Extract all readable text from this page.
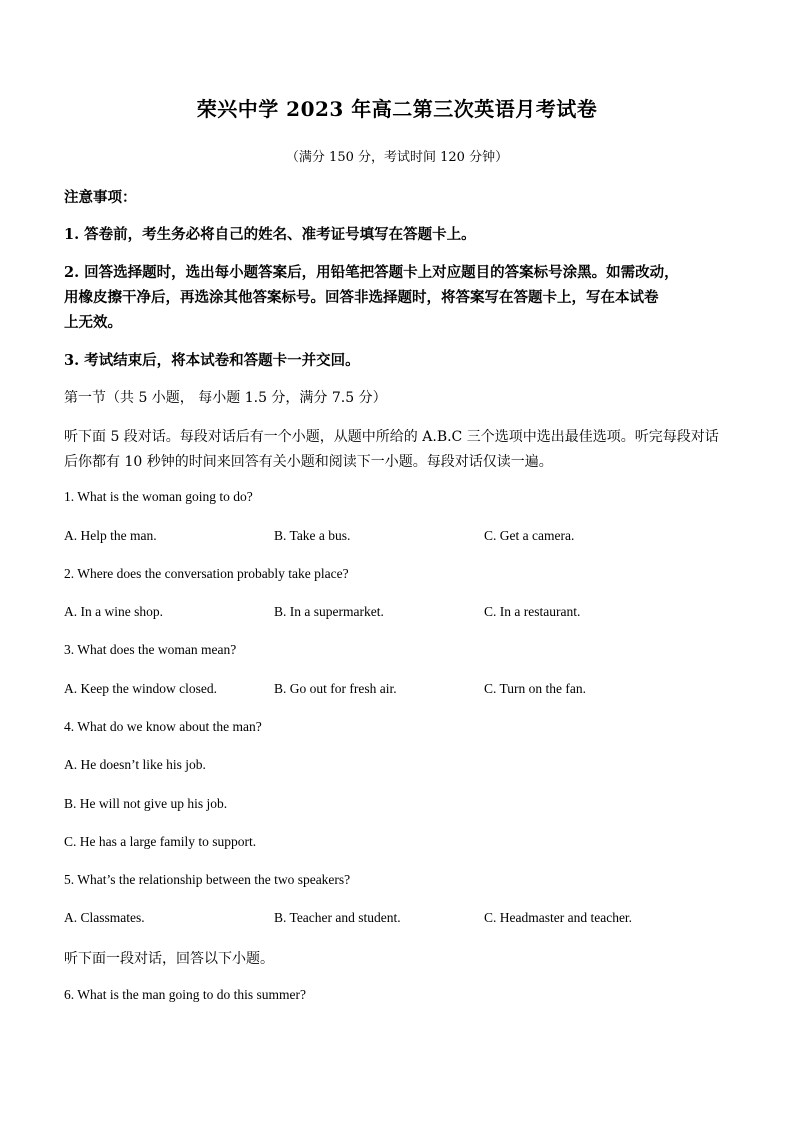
荣兴中学 2023 年高二第三次英语月考试卷
（满分 150 分，考试时间 120 分钟）
注意事项：
1. 答卷前，考生务必将自己的姓名、准考证号填写在答题卡上。
2. 回答选择题时，选出每小题答案后，用铅笔把答题卡上对应题目的答案标号涂黑。如需改动，
用橡皮擦干净后，再选涂其他答案标号。回答非选择题时，将答案写在答题卡上，写在本试卷
上无效。
3. 考试结束后，将本试卷和答题卡一并交回。
第一节（共 5 小题， 每小题 1.5 分，满分 7.5 分）
听下面 5 段对话。每段对话后有一个小题，从题中所给的 A.B.C 三个选项中选出最佳选项。听完每段对话
后你都有 10 秒钟的时间来回答有关小题和阅读下一小题。每段对话仅读一遍。
1. What is the woman going to do?
A. Help the man.	B. Take a bus.	C. Get a camera.
2. Where does the conversation probably take place?
A. In a wine shop.	B. In a supermarket.	C. In a restaurant.
3. What does the woman mean?
A. Keep the window closed.	B. Go out for fresh air.	C. Turn on the fan.
4. What do we know about the man?
A. He doesn’t like his job.
B. He will not give up his job.
C. He has a large family to support.
5. What’s the relationship between the two speakers?
A. Classmates.	B. Teacher and student.	C. Headmaster and teacher.
听下面一段对话，回答以下小题。
6. What is the man going to do this summer?
